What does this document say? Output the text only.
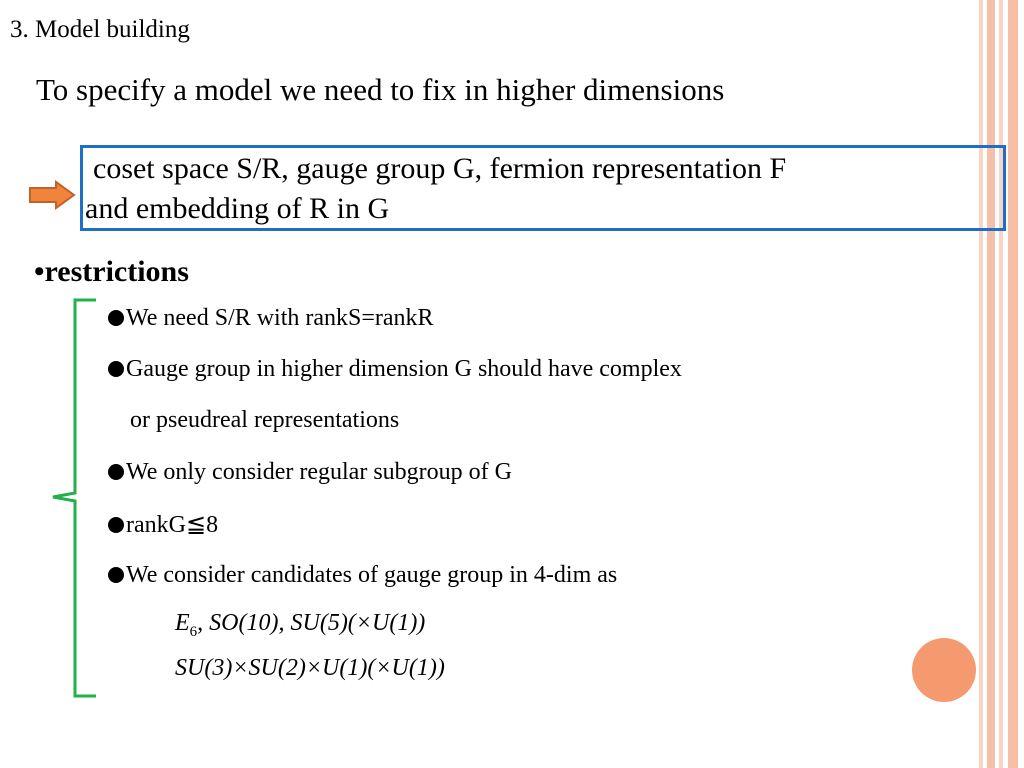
3. Model building
To specify a model we need to fix in higher dimensions
coset space S/R, gauge group G, fermion representation F
and embedding of R in G
•restrictions
We need S/R with rankS=rankR
Gauge group in higher dimension G should have complex
or pseudreal representations
We only consider regular subgroup of G
rankG≦8
We consider candidates of gauge group in 4-dim as
$E_6$, SO(10), SU(5)(×U(1))
SU(3)×SU(2)×U(1)(×U(1))
